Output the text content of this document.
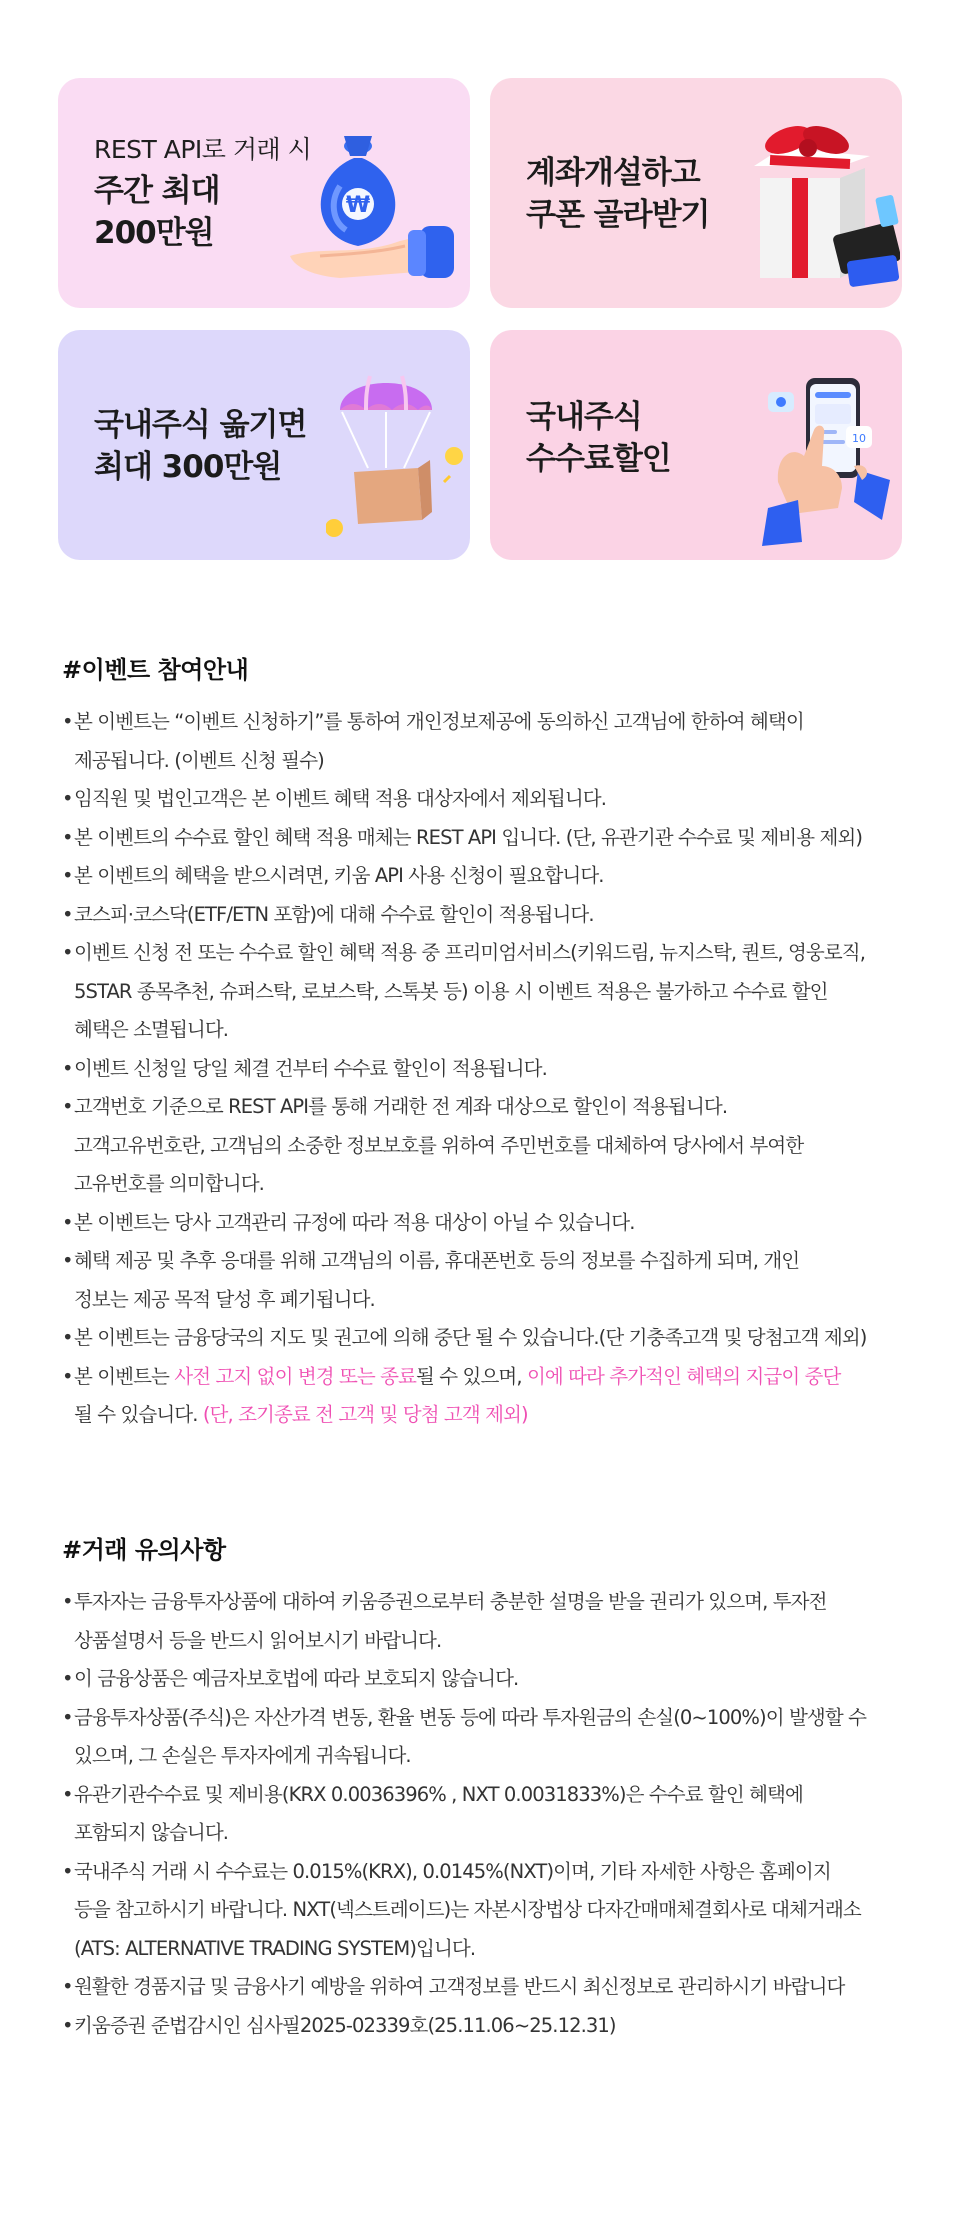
REST API로 거래 시
주간 최대
200만원
₩
계좌개설하고
쿠폰 골라받기
국내주식 옮기면
최대 300만원
국내주식
수수료할인
10
#이벤트 참여안내
• 본 이벤트는 “이벤트 신청하기”를 통하여 개인정보제공에 동의하신 고객님에 한하여 혜택이
제공됩니다. (이벤트 신청 필수)
• 임직원 및 법인고객은 본 이벤트 혜택 적용 대상자에서 제외됩니다.
• 본 이벤트의 수수료 할인 혜택 적용 매체는 REST API 입니다. (단, 유관기관 수수료 및 제비용 제외)
• 본 이벤트의 혜택을 받으시려면, 키움 API 사용 신청이 필요합니다.
• 코스피·코스닥(ETF/ETN 포함)에 대해 수수료 할인이 적용됩니다.
• 이벤트 신청 전 또는 수수료 할인 혜택 적용 중 프리미엄서비스(키워드림, 뉴지스탁, 퀀트, 영웅로직,
5STAR 종목추천, 슈퍼스탁, 로보스탁, 스톡봇 등) 이용 시 이벤트 적용은 불가하고 수수료 할인
혜택은 소멸됩니다.
• 이벤트 신청일 당일 체결 건부터 수수료 할인이 적용됩니다.
• 고객번호 기준으로 REST API를 통해 거래한 전 계좌 대상으로 할인이 적용됩니다.
고객고유번호란, 고객님의 소중한 정보보호를 위하여 주민번호를 대체하여 당사에서 부여한
고유번호를 의미합니다.
• 본 이벤트는 당사 고객관리 규정에 따라 적용 대상이 아닐 수 있습니다.
• 혜택 제공 및 추후 응대를 위해 고객님의 이름, 휴대폰번호 등의 정보를 수집하게 되며, 개인
정보는 제공 목적 달성 후 폐기됩니다.
• 본 이벤트는 금융당국의 지도 및 권고에 의해 중단 될 수 있습니다.(단 기충족고객 및 당첨고객 제외)
• 본 이벤트는 사전 고지 없이 변경 또는 종료될 수 있으며, 이에 따라 추가적인 혜택의 지급이 중단
될 수 있습니다. (단, 조기종료 전 고객 및 당첨 고객 제외)
#거래 유의사항
• 투자자는 금융투자상품에 대하여 키움증권으로부터 충분한 설명을 받을 권리가 있으며, 투자전
상품설명서 등을 반드시 읽어보시기 바랍니다.
• 이 금융상품은 예금자보호법에 따라 보호되지 않습니다.
• 금융투자상품(주식)은 자산가격 변동, 환율 변동 등에 따라 투자원금의 손실(0~100%)이 발생할 수
있으며, 그 손실은 투자자에게 귀속됩니다.
• 유관기관수수료 및 제비용(KRX 0.0036396% , NXT 0.0031833%)은 수수료 할인 혜택에
포함되지 않습니다.
• 국내주식 거래 시 수수료는 0.015%(KRX), 0.0145%(NXT)이며, 기타 자세한 사항은 홈페이지
등을 참고하시기 바랍니다. NXT(넥스트레이드)는 자본시장법상 다자간매매체결회사로 대체거래소
(ATS: ALTERNATIVE TRADING SYSTEM)입니다.
• 원활한 경품지급 및 금융사기 예방을 위하여 고객정보를 반드시 최신정보로 관리하시기 바랍니다
• 키움증권 준법감시인 심사필2025-02339호(25.11.06~25.12.31)
